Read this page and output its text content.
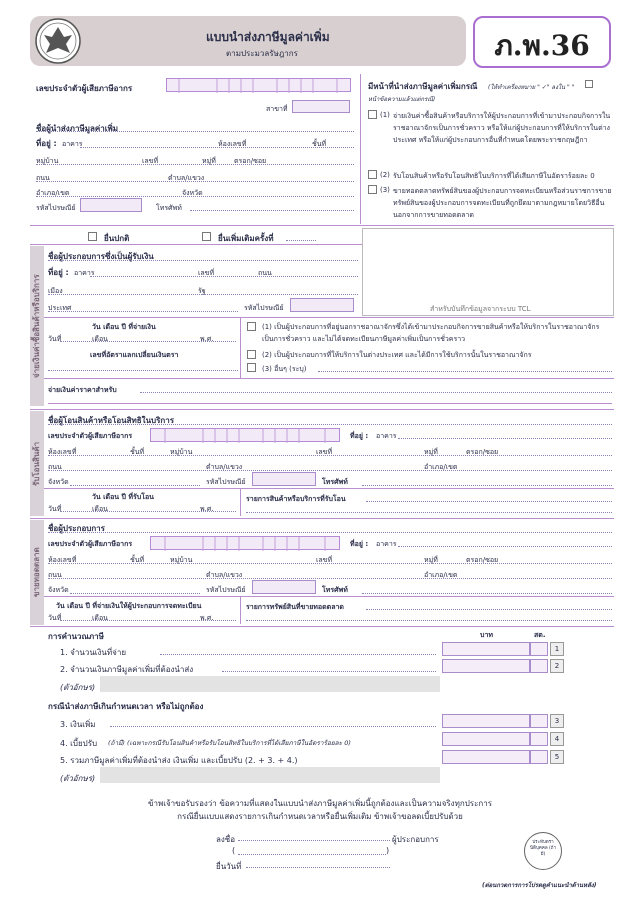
แบบนำส่งภาษีมูลค่าเพิ่ม
ตามประมวลรัษฎากร	ภ.พ.36
เลขประจำตัวผู้เสียภาษีอากร
สาขาที่
ชื่อผู้นำส่งภาษีมูลค่าเพิ่ม
ที่อยู่ : อาคาร	ห้องเลขที่	ชั้นที่
หมู่บ้าน	เลขที่	หมู่ที่	ตรอก/ซอย
ถนน	ตำบล/แขวง
อำเภอ/เขต	จังหวัด
รหัสไปรษณีย์	โทรศัพท์
มีหน้าที่นำส่งภาษีมูลค่าเพิ่มกรณี (ให้ทำเครื่องหมาย " ✓" ลงใน " "
หน้าข้อความแล้วแต่กรณี)
(1) จ่ายเงินค่าซื้อสินค้าหรือบริการให้ผู้ประกอบการที่เข้ามาประกอบกิจการในราชอาณาจักรเป็นการชั่วคราว หรือให้แก่ผู้ประกอบการที่ให้บริการในต่างประเทศ หรือให้แก่ผู้ประกอบการอื่นที่กำหนดโดยพระราชกฤษฎีกา
(2) รับโอนสินค้าหรือรับโอนสิทธิในบริการที่ได้เสียภาษีในอัตราร้อยละ 0
(3) ขายทอดตลาดทรัพย์สินของผู้ประกอบการจดทะเบียนหรือส่วนราชการขายทรัพย์สินของผู้ประกอบการจดทะเบียนที่ถูกยึดมาตามกฎหมายโดยวิธีอื่น นอกจากการขายทอดตลาด
ยื่นปกติ	ยื่นเพิ่มเติมครั้งที่
สำหรับบันทึกข้อมูลจากระบบ TCL
จ่ายเงินค่าซื้อสินค้าหรือบริการ
ชื่อผู้ประกอบการซึ่งเป็นผู้รับเงิน
ที่อยู่ : อาคาร	เลขที่	ถนน
เมือง	รัฐ
ประเทศ	รหัสไปรษณีย์
วัน เดือน ปี ที่จ่ายเงิน
วันที่	เดือน	พ.ศ.
เลขที่อัตราแลกเปลี่ยนเงินตรา
(1) เป็นผู้ประกอบการที่อยู่นอกราชอาณาจักรซึ่งได้เข้ามาประกอบกิจการขายสินค้าหรือให้บริการในราชอาณาจักรเป็นการชั่วคราว และไม่ได้จดทะเบียนภาษีมูลค่าเพิ่มเป็นการชั่วคราว
(2) เป็นผู้ประกอบการที่ให้บริการในต่างประเทศ และได้มีการใช้บริการนั้นในราชอาณาจักร
(3) อื่นๆ (ระบุ)
จ่ายเงินค่าราคาสำหรับ
รับโอนสินค้า
ชื่อผู้โอนสินค้าหรือโอนสิทธิในบริการ
เลขประจำตัวผู้เสียภาษีอากร	ที่อยู่ : อาคาร
ห้องเลขที่	ชั้นที่	หมู่บ้าน	เลขที่	หมู่ที่	ตรอก/ซอย
ถนน	ตำบล/แขวง	อำเภอ/เขต
จังหวัด	รหัสไปรษณีย์	โทรศัพท์
วัน เดือน ปี ที่รับโอน
วันที่	เดือน	พ.ศ.
รายการสินค้าหรือบริการที่รับโอน
ขายทอดตลาด
ชื่อผู้ประกอบการ
เลขประจำตัวผู้เสียภาษีอากร	ที่อยู่ : อาคาร
ห้องเลขที่	ชั้นที่	หมู่บ้าน	เลขที่	หมู่ที่	ตรอก/ซอย
ถนน	ตำบล/แขวง	อำเภอ/เขต
จังหวัด	รหัสไปรษณีย์	โทรศัพท์
วัน เดือน ปี ที่จ่ายเงินให้ผู้ประกอบการจดทะเบียน
วันที่	เดือน	พ.ศ.
รายการทรัพย์สินที่ขายทอดตลาด
การคำนวณภาษี	บาท	สต.
1. จำนวนเงินที่จ่าย	1
2. จำนวนเงินภาษีมูลค่าเพิ่มที่ต้องนำส่ง	2
(ตัวอักษร)
กรณีนำส่งภาษีเกินกำหนดเวลา หรือไม่ถูกต้อง
3. เงินเพิ่ม	3
4. เบี้ยปรับ (ถ้ามี) (เฉพาะกรณีรับโอนสินค้าหรือรับโอนสิทธิในบริการที่ได้เสียภาษีในอัตราร้อยละ 0)	4
5. รวมภาษีมูลค่าเพิ่มที่ต้องนำส่ง เงินเพิ่ม และเบี้ยปรับ (2. + 3. + 4.)	5
(ตัวอักษร)
ข้าพเจ้าขอรับรองว่า ข้อความที่แสดงในแบบนำส่งภาษีมูลค่าเพิ่มนี้ถูกต้องและเป็นความจริงทุกประการ
กรณียื่นแบบแสดงรายการเกินกำหนดเวลาหรือยื่นเพิ่มเติม ข้าพเจ้าขอลดเบี้ยปรับด้วย
ลงชื่อ	ผู้ประกอบการ
(	)
ยื่นวันที่
ประทับตรานิติบุคคล (ถ้ามี)
(ต่อนกวดการการโปรดดูคำแนะนำด้านหลัง)
